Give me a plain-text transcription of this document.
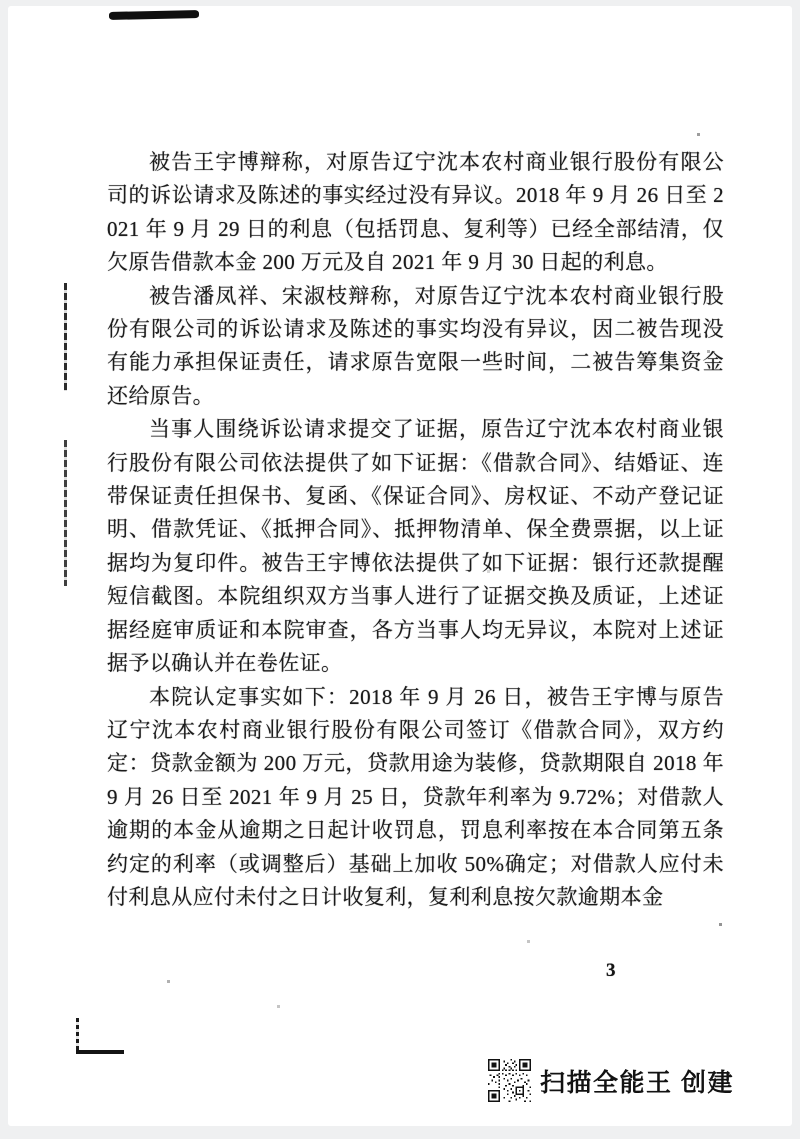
被告王宇博辩称，对原告辽宁沈本农村商业银行股份有限公司的诉讼请求及陈述的事实经过没有异议。2018 年 9 月 26 日至 2021 年 9 月 29 日的利息（包括罚息、复利等）已经全部结清，仅欠原告借款本金 200 万元及自 2021 年 9 月 30 日起的利息。

被告潘凤祥、宋淑枝辩称，对原告辽宁沈本农村商业银行股份有限公司的诉讼请求及陈述的事实均没有异议，因二被告现没有能力承担保证责任，请求原告宽限一些时间，二被告筹集资金还给原告。

当事人围绕诉讼请求提交了证据，原告辽宁沈本农村商业银行股份有限公司依法提供了如下证据：《借款合同》、结婚证、连带保证责任担保书、复函、《保证合同》、房权证、不动产登记证明、借款凭证、《抵押合同》、抵押物清单、保全费票据，以上证据均为复印件。被告王宇博依法提供了如下证据：银行还款提醒短信截图。本院组织双方当事人进行了证据交换及质证，上述证据经庭审质证和本院审查，各方当事人均无异议，本院对上述证据予以确认并在卷佐证。

本院认定事实如下：2018 年 9 月 26 日，被告王宇博与原告辽宁沈本农村商业银行股份有限公司签订《借款合同》，双方约定：贷款金额为 200 万元，贷款用途为装修，贷款期限自 2018 年 9 月 26 日至 2021 年 9 月 25 日，贷款年利率为 9.72%；对借款人逾期的本金从逾期之日起计收罚息，罚息利率按在本合同第五条约定的利率（或调整后）基础上加收 50%确定；对借款人应付未付利息从应付未付之日计收复利，复利利息按欠款逾期本金

3
扫描全能王 创建
